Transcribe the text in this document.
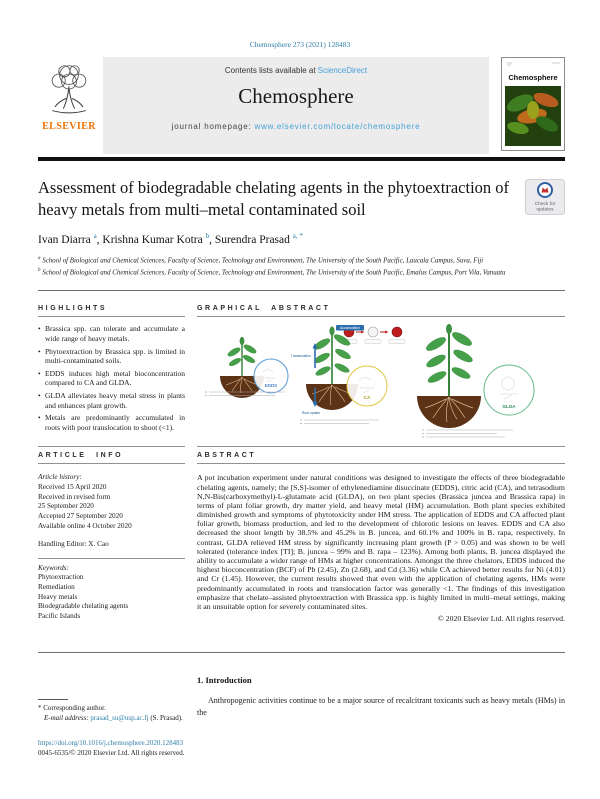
Chemosphere 273 (2021) 128483
ELSEVIER
Contents lists available at ScienceDirect
Chemosphere
journal homepage: www.elsevier.com/locate/chemosphere
Chemosphere
Assessment of biodegradable chelating agents in the phytoextraction of heavy metals from multi–metal contaminated soil	Check for
updates
Ivan Diarra $^a$, Krishna Kumar Kotra $^b$, Surendra Prasad $^{a, *}$
$^a$ School of Biological and Chemical Sciences, Faculty of Science, Technology and Environment, The University of the South Pacific, Laucala Campus, Suva, Fiji
$^b$ School of Biological and Chemical Sciences, Faculty of Science, Technology and Environment, The University of the South Pacific, Emalus Campus, Port Vila, Vanuatu
HIGHLIGHTS
• Brassica spp. can tolerate and accumulate a wide range of heavy metals.
• Phytoextraction by Brassica spp. is limited in multi-contaminated soils.
• EDDS induces high metal bioconcentration compared to CA and GLDA.
• GLDA alleviates heavy metal stress in plants and enhances plant growth.
• Metals are predominantly accumulated in roots with poor translocation to shoot (<1).
ARTICLE INFO
Article history:
Received 15 April 2020
Received in revised form
25 September 2020
Accepted 27 September 2020
Available online 4 October 2020
Handling Editor: X. Cao
Keywords:
Phytoextraction
Remediation
Heavy metals
Biodegradable chelating agents
Pacific Islands
GRAPHICAL ABSTRACT
EDDS
Accumulation
Translocation
Root uptake
CA
GLDA
ABSTRACT

A pot incubation experiment under natural conditions was designed to investigate the effects of three biodegradable chelating agents, namely; the [S,S]-isomer of ethylenediamine disuccinate (EDDS), citric acid (CA), and tetrasodium N,N-Bis(carboxymethyl)-L-glutamate acid (GLDA), on two plant species (Brassica juncea and Brassica rapa) in terms of plant foliar growth, dry matter yield, and heavy metal (HM) accumulation. Both plant species exhibited diminished growth and symptoms of phytotoxicity under HM stress. The application of EDDS and CA affected plant foliar growth, biomass production, and led to the development of chlorotic lesions on leaves. EDDS and CA also decreased the shoot length by 38.5% and 45.2% in B. juncea, and 60.1% and 100% in B. rapa, respectively. In contrast, GLDA relieved HM stress by significantly increasing plant growth (P > 0.05) and was shown to be well tolerated (tolerance index [TI]; B. juncea – 99% and B. rapa – 123%). Among both plants, B. juncea displayed the ability to accumulate a wider range of HMs at higher concentrations. Amongst the three chelators, EDDS induced the highest bioconcentration (BCF) of Pb (2.45), Zn (2.68), and Cd (3.36) while CA achieved better results for Ni (4.01) and Cr (1.45). However, the current results showed that even with the application of chelating agents, HMs were predominantly accumulated in roots and translocation factor was generally <1. The findings of this investigation emphasize that chelate–assisted phytoextraction with Brassica spp. is highly limited in multi–metal settings, making it an unsuitable option for severely contaminated sites.

© 2020 Elsevier Ltd. All rights reserved.
* Corresponding author.
E-mail address: prasad_su@usp.ac.fj (S. Prasad).
https://doi.org/10.1016/j.chemosphere.2020.128483
0045-6535/© 2020 Elsevier Ltd. All rights reserved.
1. Introduction

Anthropogenic activities continue to be a major source of recalcitrant toxicants such as heavy metals (HMs) in the
